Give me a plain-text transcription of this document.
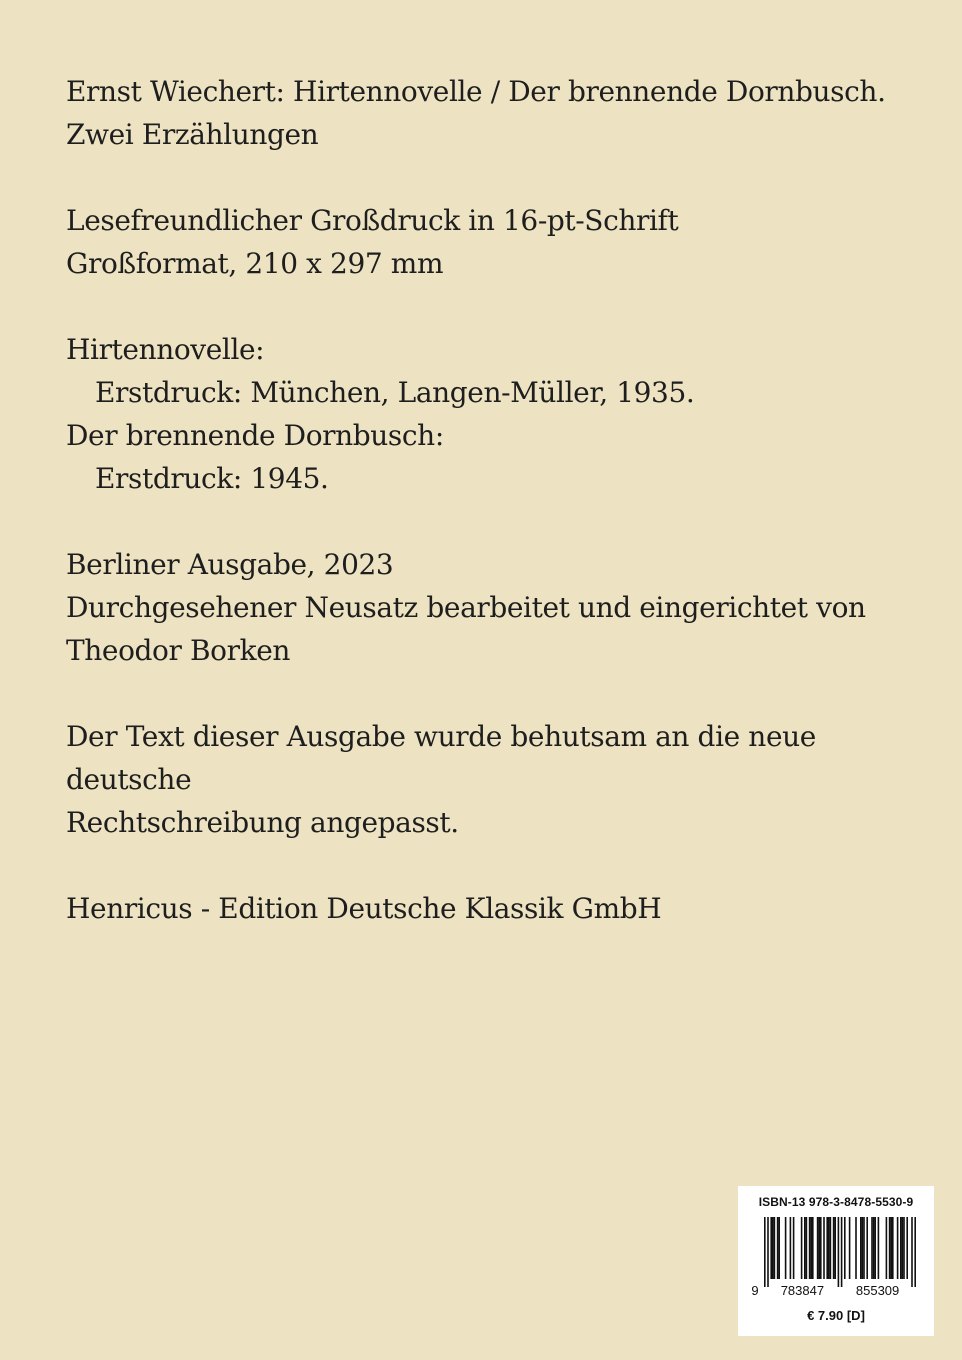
Ernst Wiechert: Hirtennovelle / Der brennende Dornbusch.

Zwei Erzählungen

Lesefreundlicher Großdruck in 16-pt-Schrift

Großformat, 210 x 297 mm

Hirtennovelle:

Erstdruck: München, Langen-Müller, 1935.

Der brennende Dornbusch:

Erstdruck: 1945.

Berliner Ausgabe, 2023

Durchgesehener Neusatz bearbeitet und eingerichtet von

Theodor Borken

Der Text dieser Ausgabe wurde behutsam an die neue deutsche

Rechtschreibung angepasst.

Henricus - Edition Deutsche Klassik GmbH

ISBN-13 978-3-8478-5530-9
9 783847 855309
€ 7.90 [D]
